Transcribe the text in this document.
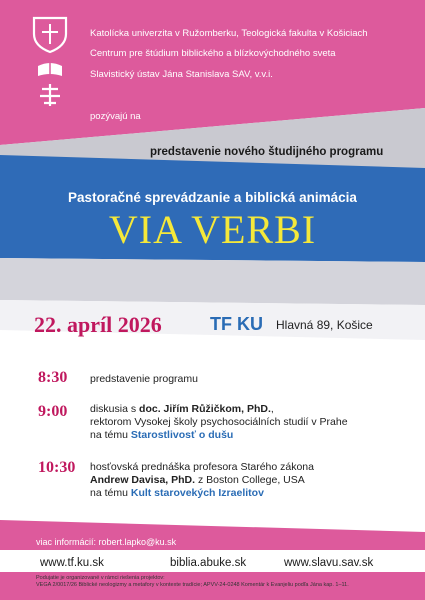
Katolícka univerzita v Ružomberku, Teologická fakulta v Košiciach
Centrum pre štúdium biblického a blízkovýchodného sveta
Slavistický ústav Jána Stanislava SAV, v.v.i.
pozývajú na
predstavenie nového študijného programu
Pastoračné sprevádzanie a biblická animácia
VIA VERBI
22. apríl 2026	TF KU Hlavná 89, Košice
8:30 predstavenie programu
9:00 diskusia s doc. Jiřím Růžičkom, PhD.,
rektorom Vysokej školy psychosociálních studií v Prahe
na tému Starostlivosť o dušu
10:30 hosťovská prednáška profesora Starého zákona
Andrew Davisa, PhD. z Boston College, USA
na tému Kult starovekých Izraelitov
viac informácií: robert.lapko@ku.sk
www.tf.ku.sk	biblia.abuke.sk	www.slavu.sav.sk
Podujatie je organizované v rámci riešenia projektov:
VEGA 2/0017/26 Biblické neologizmy a metafory v kontexte tradície; APVV-24-0248 Komentár k Evanjeliu podľa Jána kap. 1–11.
